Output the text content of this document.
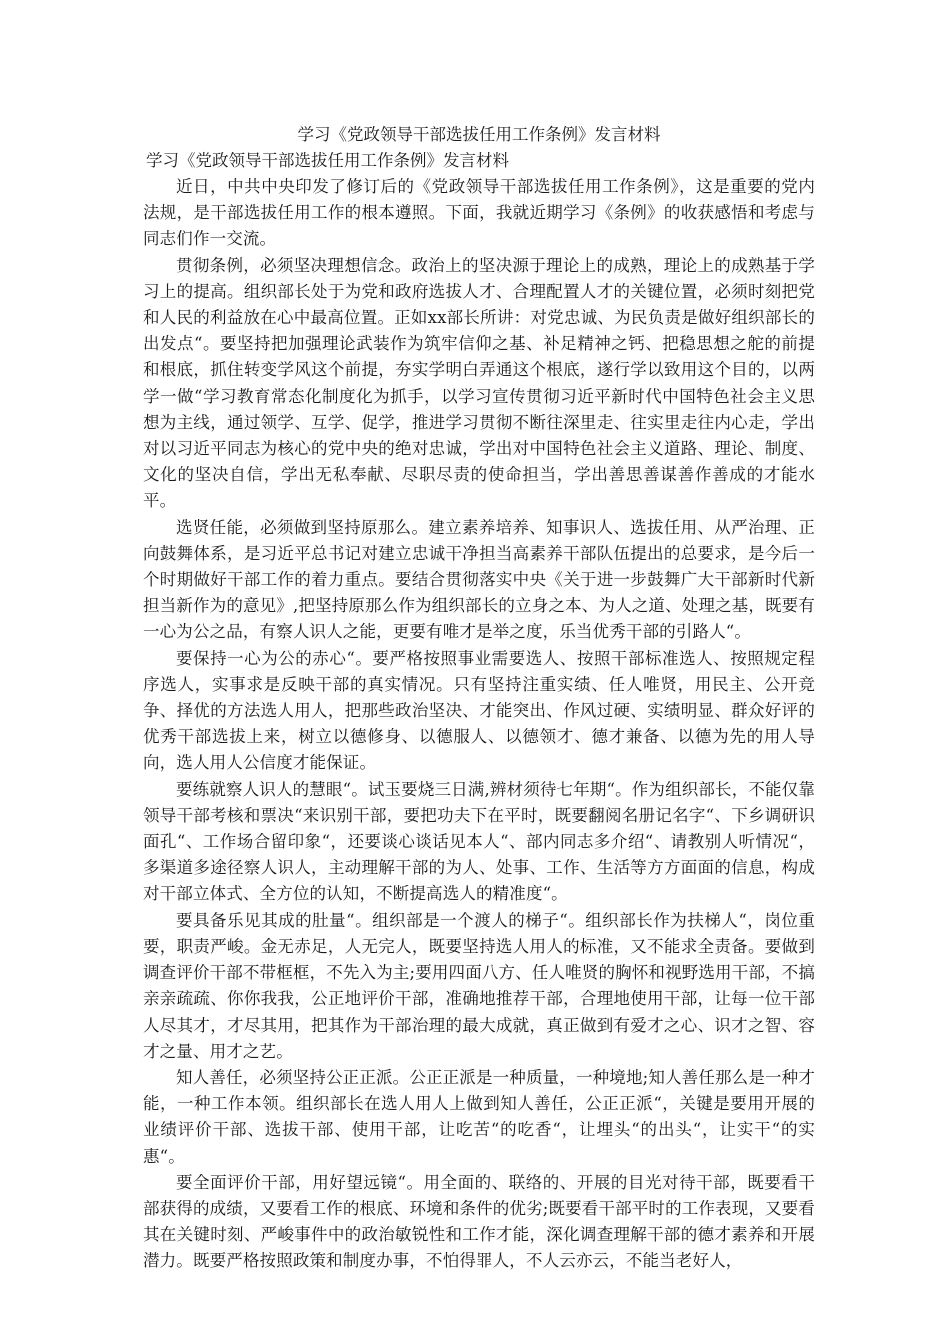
学习《党政领导干部选拔任用工作条例》发言材料
学习《党政领导干部选拔任用工作条例》发言材料

近日，中共中央印发了修订后的《党政领导干部选拔任用工作条例》，这是重要的党内法规，是干部选拔任用工作的根本遵照。下面，我就近期学习《条例》的收获感悟和考虑与同志们作一交流。

贯彻条例，必须坚决理想信念。政治上的坚决源于理论上的成熟，理论上的成熟基于学习上的提高。组织部长处于为党和政府选拔人才、合理配置人才的关键位置，必须时刻把党和人民的利益放在心中最高位置。正如xx部长所讲：对党忠诚、为民负责是做好组织部长的出发点“。要坚持把加强理论武装作为筑牢信仰之基、补足精神之钙、把稳思想之舵的前提和根底，抓住转变学风这个前提，夯实学明白弄通这个根底，遂行学以致用这个目的，以两学一做“学习教育常态化制度化为抓手，以学习宣传贯彻习近平新时代中国特色社会主义思想为主线，通过领学、互学、促学，推进学习贯彻不断往深里走、往实里走往内心走，学出对以习近平同志为核心的党中央的绝对忠诚，学出对中国特色社会主义道路、理论、制度、文化的坚决自信，学出无私奉献、尽职尽责的使命担当，学出善思善谋善作善成的才能水平。

选贤任能，必须做到坚持原那么。建立素养培养、知事识人、选拔任用、从严治理、正向鼓舞体系，是习近平总书记对建立忠诚干净担当高素养干部队伍提出的总要求，是今后一个时期做好干部工作的着力重点。要结合贯彻落实中央《关于进一步鼓舞广大干部新时代新担当新作为的意见》,把坚持原那么作为组织部长的立身之本、为人之道、处理之基，既要有一心为公之品，有察人识人之能，更要有唯才是举之度，乐当优秀干部的引路人“。

要保持一心为公的赤心“。要严格按照事业需要选人、按照干部标准选人、按照规定程序选人，实事求是反映干部的真实情况。只有坚持注重实绩、任人唯贤，用民主、公开竞争、择优的方法选人用人，把那些政治坚决、才能突出、作风过硬、实绩明显、群众好评的优秀干部选拔上来，树立以德修身、以德服人、以德领才、德才兼备、以德为先的用人导向，选人用人公信度才能保证。

要练就察人识人的慧眼“。试玉要烧三日满,辨材须待七年期“。作为组织部长，不能仅靠领导干部考核和票决“来识别干部，要把功夫下在平时，既要翻阅名册记名字“、下乡调研识面孔“、工作场合留印象“，还要谈心谈话见本人“、部内同志多介绍“、请教别人听情况“，多渠道多途径察人识人，主动理解干部的为人、处事、工作、生活等方方面面的信息，构成对干部立体式、全方位的认知，不断提高选人的精准度“。

要具备乐见其成的肚量“。组织部是一个渡人的梯子“。组织部长作为扶梯人“，岗位重要，职责严峻。金无赤足，人无完人，既要坚持选人用人的标准，又不能求全责备。要做到调查评价干部不带框框，不先入为主;要用四面八方、任人唯贤的胸怀和视野选用干部，不搞亲亲疏疏、你你我我，公正地评价干部，准确地推荐干部，合理地使用干部，让每一位干部人尽其才，才尽其用，把其作为干部治理的最大成就，真正做到有爱才之心、识才之智、容才之量、用才之艺。

知人善任，必须坚持公正正派。公正正派是一种质量，一种境地;知人善任那么是一种才能，一种工作本领。组织部长在选人用人上做到知人善任，公正正派“，关键是要用开展的业绩评价干部、选拔干部、使用干部，让吃苦“的吃香“，让埋头“的出头“，让实干“的实惠“。

要全面评价干部，用好望远镜“。用全面的、联络的、开展的目光对待干部，既要看干部获得的成绩，又要看工作的根底、环境和条件的优劣;既要看干部平时的工作表现，又要看其在关键时刻、严峻事件中的政治敏锐性和工作才能，深化调查理解干部的德才素养和开展潜力。既要严格按照政策和制度办事，不怕得罪人，不人云亦云，不能当老好人，
